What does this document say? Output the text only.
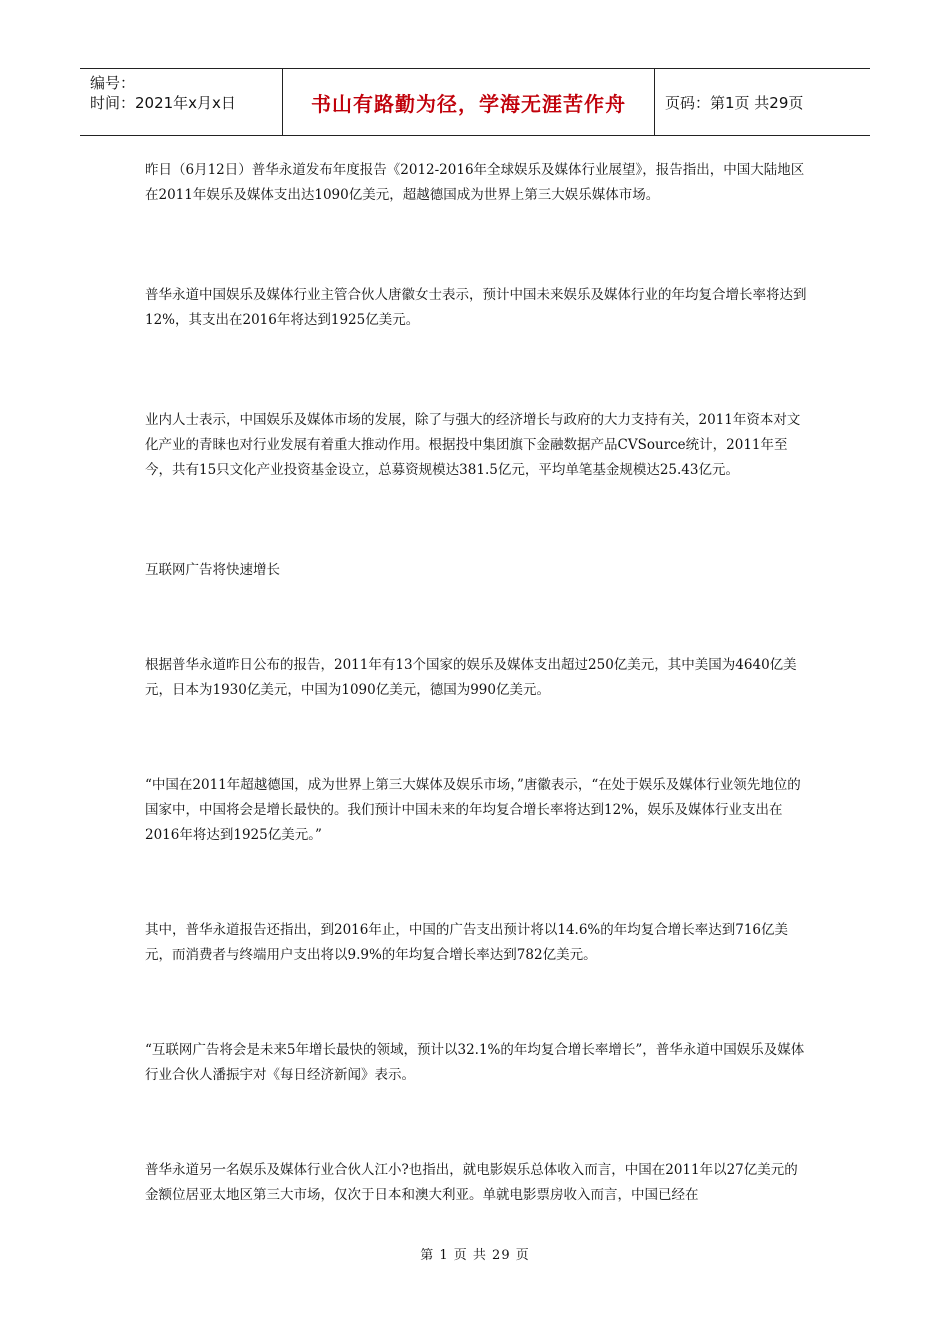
编号：
时间：2021年x月x日	书山有路勤为径，学海无涯苦作舟	页码：第1页 共29页

昨日（6月12日）普华永道发布年度报告《2012-2016年全球娱乐及媒体行业展望》，报告指出，中国大陆地区在2011年娱乐及媒体支出达1090亿美元，超越德国成为世界上第三大娱乐媒体市场。

普华永道中国娱乐及媒体行业主管合伙人唐徽女士表示，预计中国未来娱乐及媒体行业的年均复合增长率将达到12%，其支出在2016年将达到1925亿美元。

业内人士表示，中国娱乐及媒体市场的发展，除了与强大的经济增长与政府的大力支持有关，2011年资本对文化产业的青睐也对行业发展有着重大推动作用。根据投中集团旗下金融数据产品CVSource统计，2011年至今，共有15只文化产业投资基金设立，总募资规模达381.5亿元，平均单笔基金规模达25.43亿元。

互联网广告将快速增长

根据普华永道昨日公布的报告，2011年有13个国家的娱乐及媒体支出超过250亿美元，其中美国为4640亿美元，日本为1930亿美元，中国为1090亿美元，德国为990亿美元。

“中国在2011年超越德国，成为世界上第三大媒体及娱乐市场，”唐徽表示，“在处于娱乐及媒体行业领先地位的国家中，中国将会是增长最快的。我们预计中国未来的年均复合增长率将达到12%，娱乐及媒体行业支出在2016年将达到1925亿美元。”

其中，普华永道报告还指出，到2016年止，中国的广告支出预计将以14.6%的年均复合增长率达到716亿美元，而消费者与终端用户支出将以9.9%的年均复合增长率达到782亿美元。

“互联网广告将会是未来5年增长最快的领域，预计以32.1%的年均复合增长率增长”，普华永道中国娱乐及媒体行业合伙人潘振宇对《每日经济新闻》表示。

普华永道另一名娱乐及媒体行业合伙人江小?也指出，就电影娱乐总体收入而言，中国在2011年以27亿美元的金额位居亚太地区第三大市场，仅次于日本和澳大利亚。单就电影票房收入而言，中国已经在

第 1 页 共 29 页
